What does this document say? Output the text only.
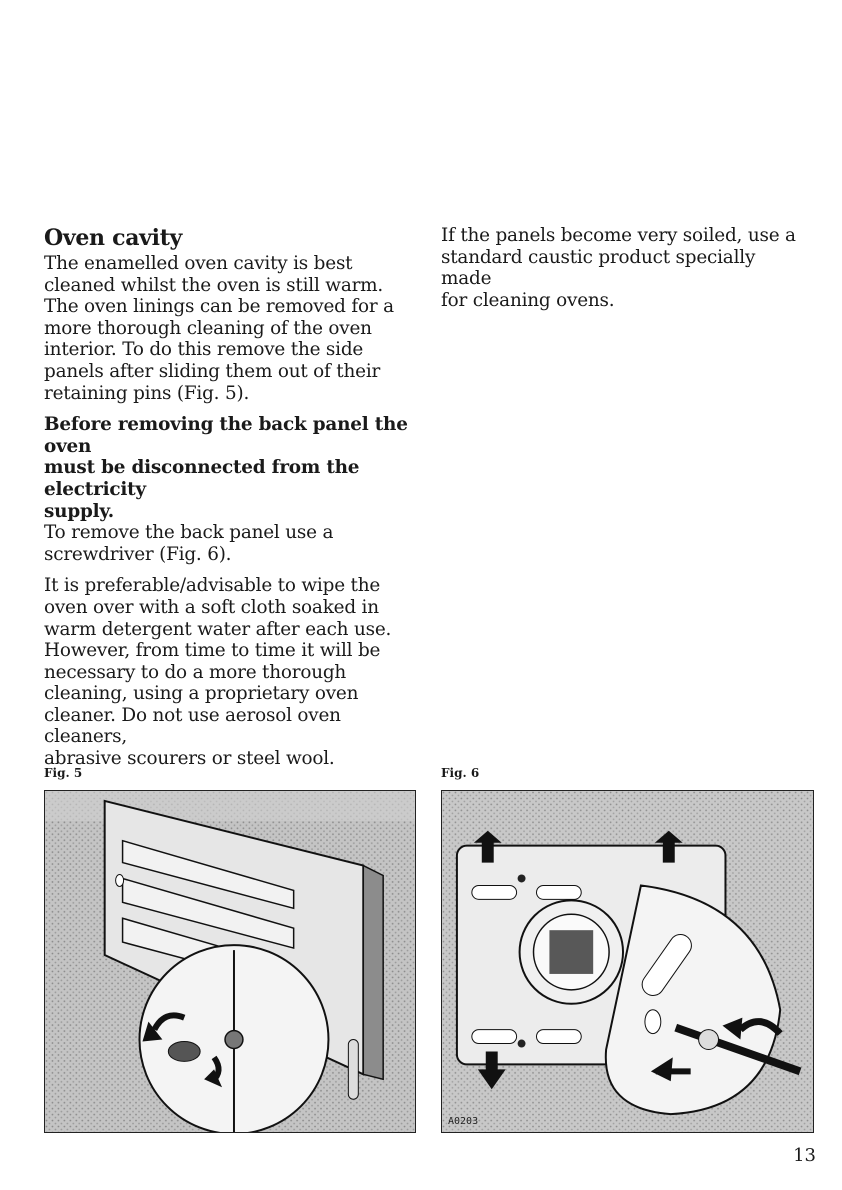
Oven cavity

The enamelled oven cavity is best
cleaned whilst the oven is still warm.
The oven linings can be removed for a
more thorough cleaning of the oven
interior. To do this remove the side
panels after sliding them out of their
retaining pins (Fig. 5).

Before removing the back panel the oven
must be disconnected from the electricity
supply.

To remove the back panel use a
screwdriver (Fig. 6).

It is preferable/advisable to wipe the
oven over with a soft cloth soaked in
warm detergent water after each use.
However, from time to time it will be
necessary to do a more thorough
cleaning, using a proprietary oven
cleaner. Do not use aerosol oven cleaners,
abrasive scourers or steel wool.

If the panels become very soiled, use a
standard caustic product specially made
for cleaning ovens.

Fig. 5	Fig. 6
A0203
13
